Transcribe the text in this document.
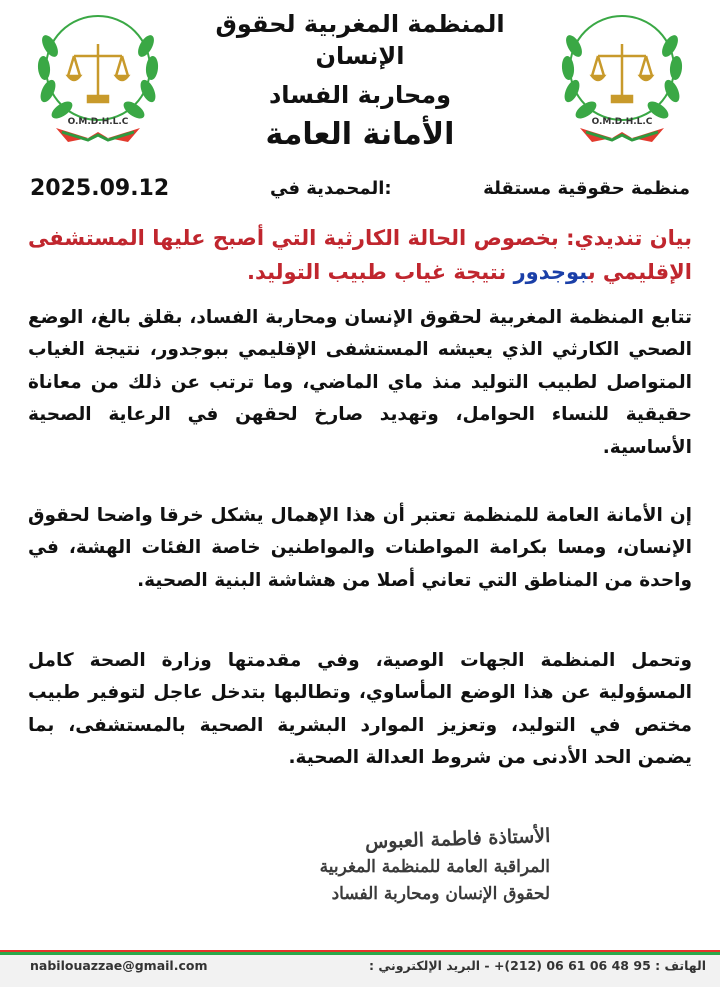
O.M.D.H.L.C	O.M.D.H.L.C
المنظمة المغربية لحقوق الإنسان
ومحاربة الفساد
الأمانة العامة
منظمة حقوقية مستقلة
المحمدية في:
2025.09.12
بيان تنديدي: بخصوص الحالة الكارثية التي أصبح عليها المستشفى الإقليمي ببوجدور نتيجة غياب طبيب التوليد.
تتابع المنظمة المغربية لحقوق الإنسان ومحاربة الفساد، بقلق بالغ، الوضع الصحي الكارثي الذي يعيشه المستشفى الإقليمي ببوجدور، نتيجة الغياب المتواصل لطبيب التوليد منذ ماي الماضي، وما ترتب عن ذلك من معاناة حقيقية للنساء الحوامل، وتهديد صارخ لحقهن في الرعاية الصحية الأساسية.
إن الأمانة العامة للمنظمة تعتبر أن هذا الإهمال يشكل خرقا واضحا لحقوق الإنسان، ومسا بكرامة المواطنات والمواطنين خاصة الفئات الهشة، في واحدة من المناطق التي تعاني أصلا من هشاشة البنية الصحية.
وتحمل المنظمة الجهات الوصية، وفي مقدمتها وزارة الصحة كامل المسؤولية عن هذا الوضع المأساوي، وتطالبها بتدخل عاجل لتوفير طبيب مختص في التوليد، وتعزيز الموارد البشرية الصحية بالمستشفى، بما يضمن الحد الأدنى من شروط العدالة الصحية.
الأستاذة فاطمة العبوس
المراقبة العامة للمنظمة المغربية
لحقوق الإنسان ومحاربة الفساد
nabilouazzae@gmail.com	الهاتف : 95 48 06 61 06 (212)+ - البريد الإلكتروني :
